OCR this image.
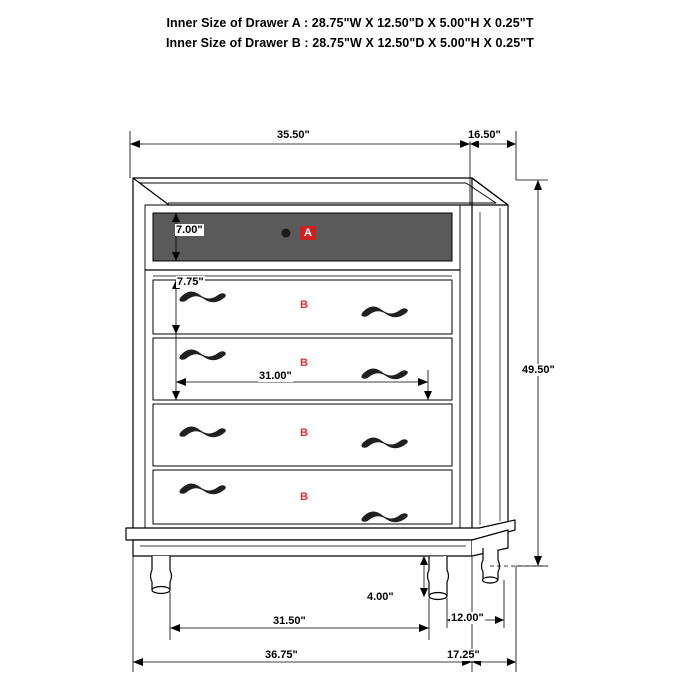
Inner Size of Drawer A : 28.75"W X 12.50"D X 5.00"H X 0.25"T
Inner Size of Drawer B : 28.75"W X 12.50"D X 5.00"H X 0.25"T
35.50"	16.50"
49.50"
7.00"
7.75"
31.00"
4.00"
12.00"
31.50"
36.75"	17.25"
A
B
B
B
B
